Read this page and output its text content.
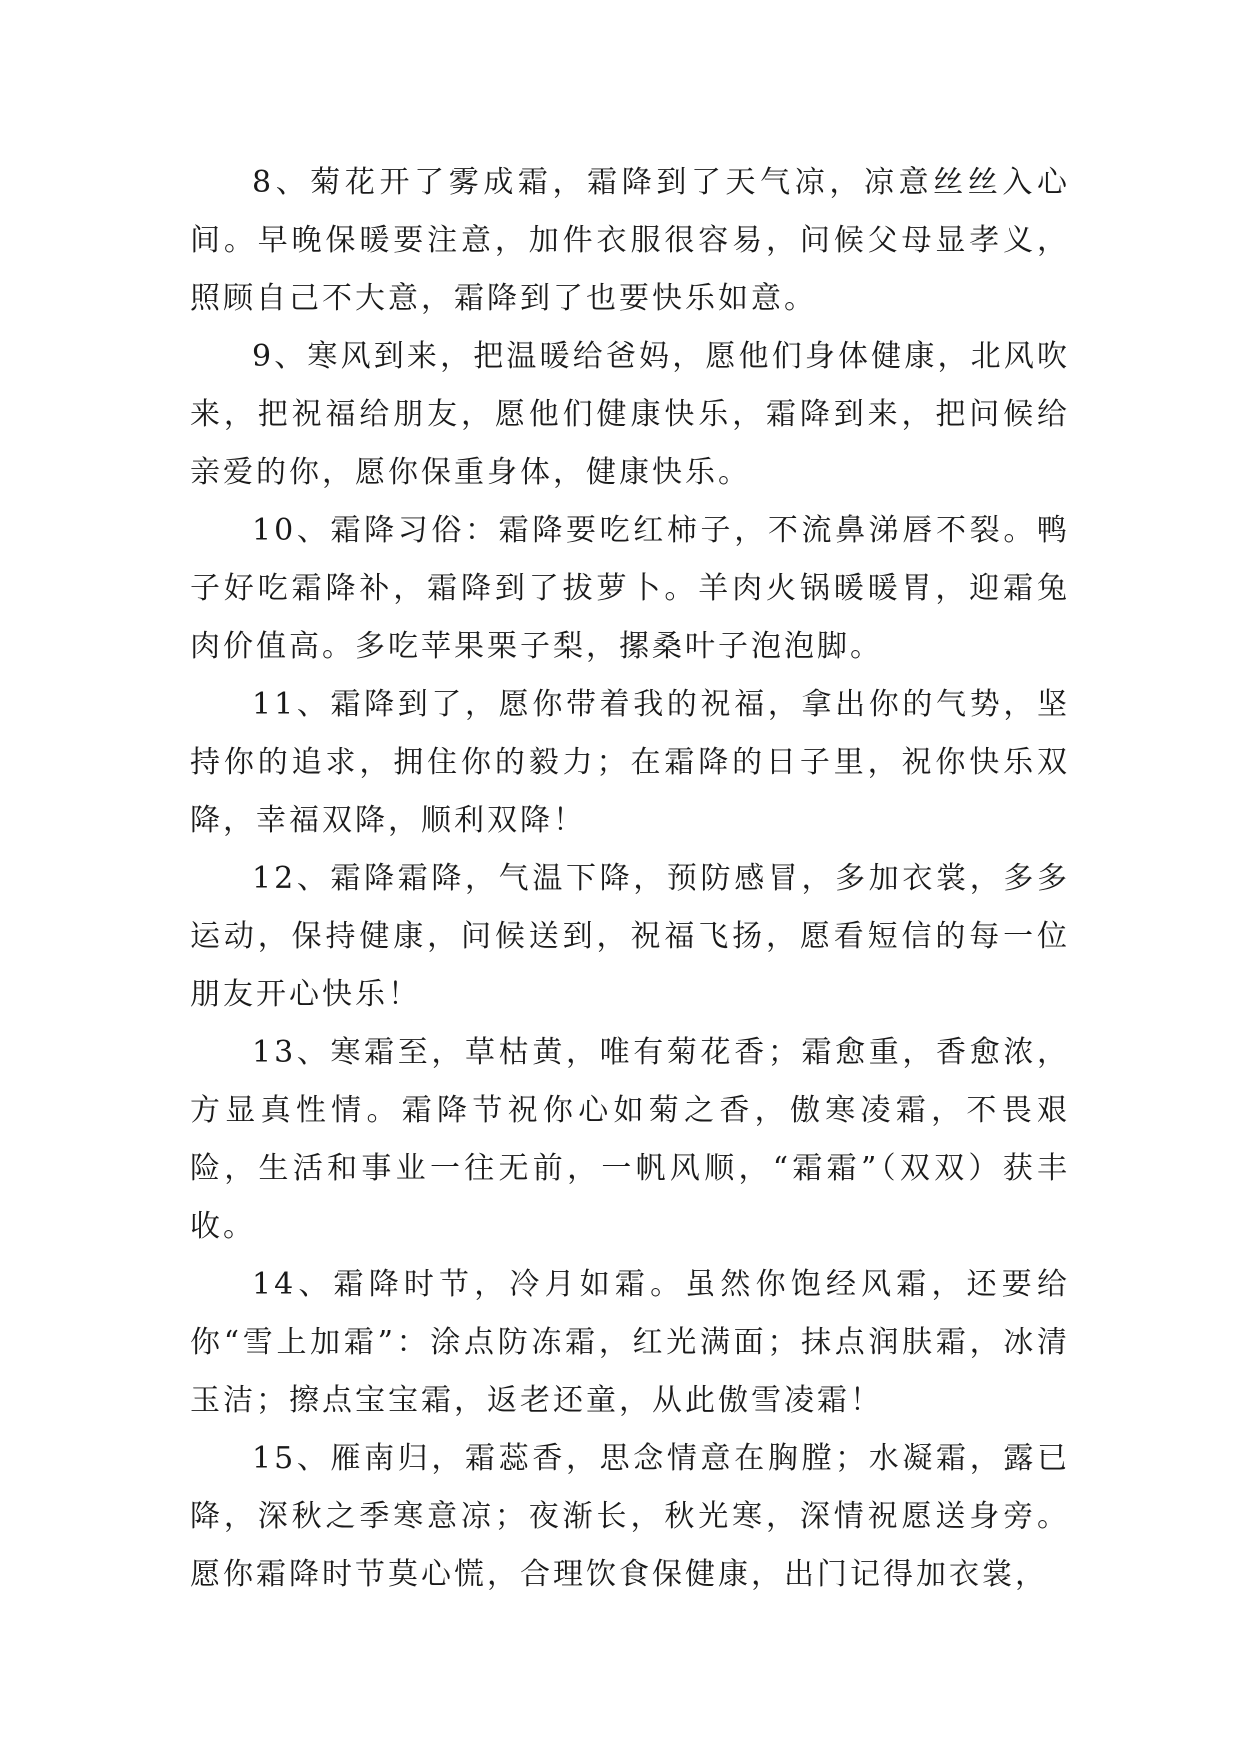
8、菊花开了雾成霜，霜降到了天气凉，凉意丝丝入心间。早晚保暖要注意，加件衣服很容易，问候父母显孝义，照顾自己不大意，霜降到了也要快乐如意。

9、寒风到来，把温暖给爸妈，愿他们身体健康，北风吹来，把祝福给朋友，愿他们健康快乐，霜降到来，把问候给亲爱的你，愿你保重身体，健康快乐。

10、霜降习俗：霜降要吃红柿子，不流鼻涕唇不裂。鸭子好吃霜降补，霜降到了拔萝卜。羊肉火锅暖暖胃，迎霜兔肉价值高。多吃苹果栗子梨，摞桑叶子泡泡脚。

11、霜降到了，愿你带着我的祝福，拿出你的气势，坚持你的追求，拥住你的毅力；在霜降的日子里，祝你快乐双降，幸福双降，顺利双降！

12、霜降霜降，气温下降，预防感冒，多加衣裳，多多运动，保持健康，问候送到，祝福飞扬，愿看短信的每一位朋友开心快乐！

13、寒霜至，草枯黄，唯有菊花香；霜愈重，香愈浓，方显真性情。霜降节祝你心如菊之香，傲寒凌霜，不畏艰险，生活和事业一往无前，一帆风顺，“霜霜”（双双）获丰收。

14、霜降时节，冷月如霜。虽然你饱经风霜，还要给你“雪上加霜”：涂点防冻霜，红光满面；抹点润肤霜，冰清玉洁；擦点宝宝霜，返老还童，从此傲雪凌霜！

15、雁南归，霜蕊香，思念情意在胸膛；水凝霜，露已降，深秋之季寒意凉；夜渐长，秋光寒，深情祝愿送身旁。愿你霜降时节莫心慌，合理饮食保健康，出门记得加衣裳，
